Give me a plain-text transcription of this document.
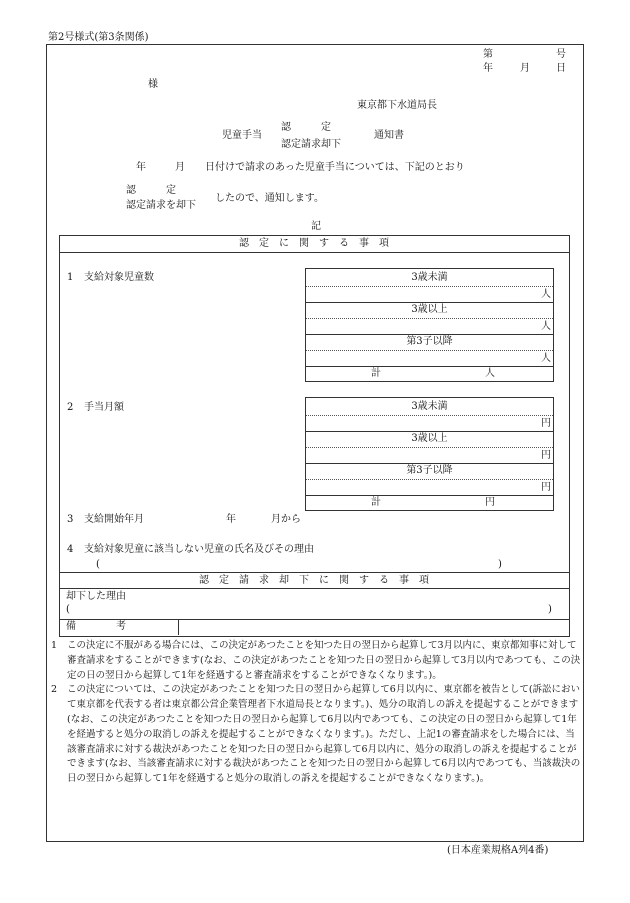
第2号様式(第3条関係)
第	号
年	月	日
様
東京都下水道局長
児童手当
認　　　定
認定請求却下
通知書
年	月 日付けで請求のあった児童手当については、下記のとおり
認　　　定
認定請求を却下
したので、通知します。
記
認　定　に　関　す　る　事　項
1 支給対象児童数	3歳未満
人
3歳以上
人
第3子以降
人
計	人
2 手当月額	3歳未満
円
3歳以上
円
第3子以降
円
計	円
3 支給開始年月	年	月から
4 支給対象児童に該当しない児童の氏名及びその理由
(	)
認　定　請　求　却　下　に　関　す　る　事　項
却下した理由
(	)
備　　　　考
1 この決定に不服がある場合には、この決定があつたことを知つた日の翌日から起算して3月以内に、東京都知事に対して審査請求をすることができます(なお、この決定があつたことを知つた日の翌日から起算して3月以内であつても、この決定の日の翌日から起算して1年を経過すると審査請求をすることができなくなります。)。
2 この決定については、この決定があつたことを知つた日の翌日から起算して6月以内に、東京都を被告として(訴訟において東京都を代表する者は東京都公営企業管理者下水道局長となります。)、処分の取消しの訴えを提起することができます(なお、この決定があつたことを知つた日の翌日から起算して6月以内であつても、この決定の日の翌日から起算して1年を経過すると処分の取消しの訴えを提起することができなくなります。)。ただし、上記1の審査請求をした場合には、当該審査請求に対する裁決があつたことを知つた日の翌日から起算して6月以内に、処分の取消しの訴えを提起することができます(なお、当該審査請求に対する裁決があつたことを知つた日の翌日から起算して6月以内であつても、当該裁決の日の翌日から起算して1年を経過すると処分の取消しの訴えを提起することができなくなります。)。
(日本産業規格A列4番)
